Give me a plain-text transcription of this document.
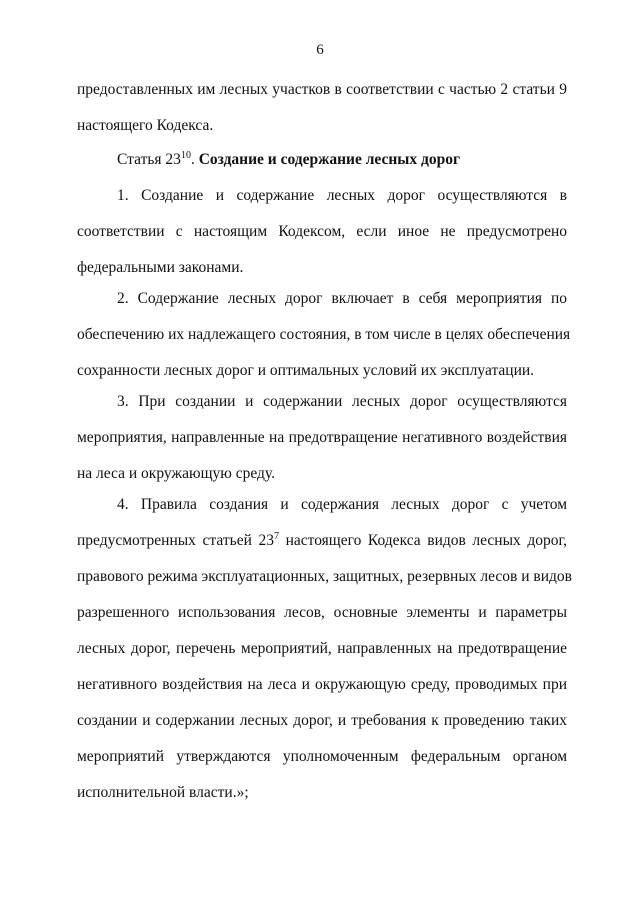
6
предоставленных им лесных участков в соответствии с частью 2 статьи 9
настоящего Кодекса.
Статья $23^{10}$. Создание и содержание лесных дорог
1. Создание и содержание лесных дорог осуществляются в
соответствии с настоящим Кодексом, если иное не предусмотрено
федеральными законами.
2. Содержание лесных дорог включает в себя мероприятия по
обеспечению их надлежащего состояния, в том числе в целях обеспечения
сохранности лесных дорог и оптимальных условий их эксплуатации.
3. При создании и содержании лесных дорог осуществляются
мероприятия, направленные на предотвращение негативного воздействия
на леса и окружающую среду.
4. Правила создания и содержания лесных дорог с учетом
предусмотренных статьей $23^7$ настоящего Кодекса видов лесных дорог,
правового режима эксплуатационных, защитных, резервных лесов и видов
разрешенного использования лесов, основные элементы и параметры
лесных дорог, перечень мероприятий, направленных на предотвращение
негативного воздействия на леса и окружающую среду, проводимых при
создании и содержании лесных дорог, и требования к проведению таких
мероприятий утверждаются уполномоченным федеральным органом
исполнительной власти.»;
